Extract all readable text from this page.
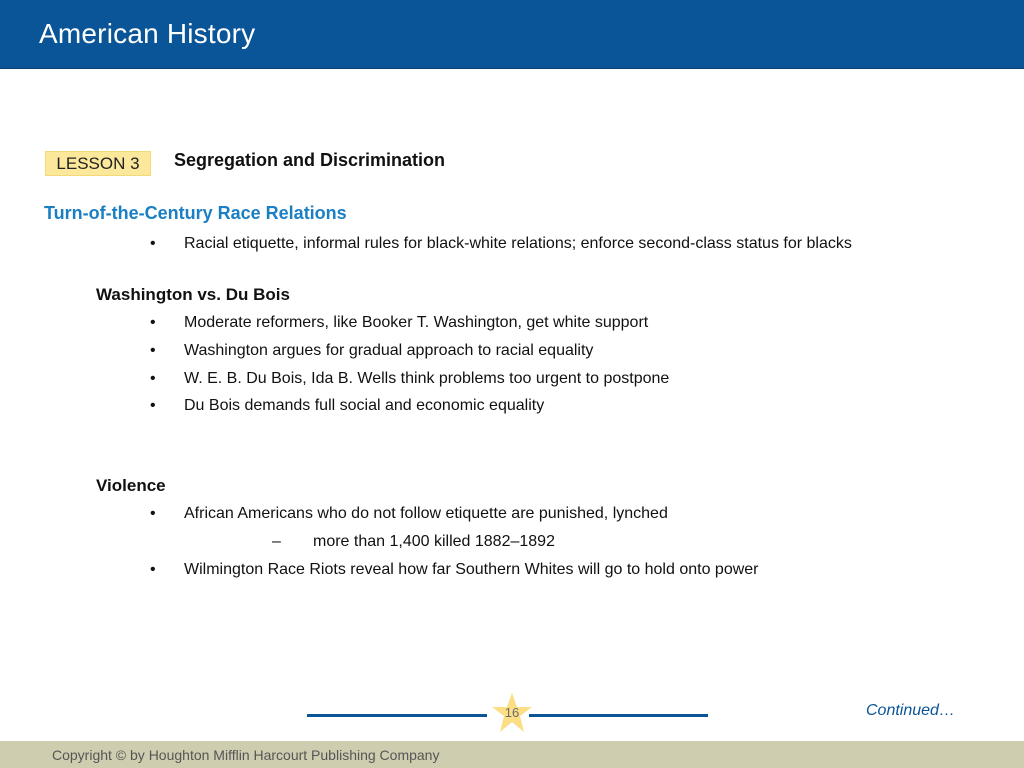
American History
LESSON 3	Segregation and Discrimination
Turn-of-the-Century Race Relations
• Racial etiquette, informal rules for black-white relations; enforce second-class status for blacks
Washington vs. Du Bois
• Moderate reformers, like Booker T. Washington, get white support
• Washington argues for gradual approach to racial equality
• W. E. B. Du Bois, Ida B. Wells think problems too urgent to postpone
• Du Bois demands full social and economic equality
Violence
• African Americans who do not follow etiquette are punished, lynched
– more than 1,400 killed 1882–1892
• Wilmington Race Riots reveal how far Southern Whites will go to hold onto power
16	Continued…
Copyright © by Houghton Mifflin Harcourt Publishing Company
